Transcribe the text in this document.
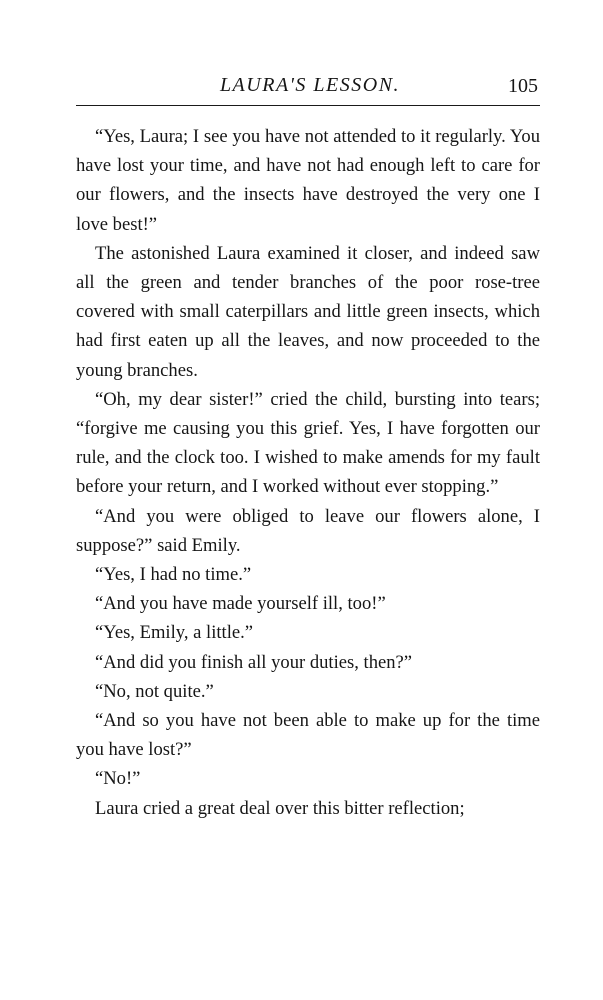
LAURA'S LESSON.	105

“Yes, Laura; I see you have not attended to it regularly. You have lost your time, and have not had enough left to care for our flowers, and the insects have destroyed the very one I love best!”

The astonished Laura examined it closer, and indeed saw all the green and tender branches of the poor rose-tree covered with small caterpillars and little green insects, which had first eaten up all the leaves, and now proceeded to the young branches.

“Oh, my dear sister!” cried the child, bursting into tears; “forgive me causing you this grief. Yes, I have forgotten our rule, and the clock too. I wished to make amends for my fault before your return, and I worked without ever stopping.”

“And you were obliged to leave our flowers alone, I suppose?” said Emily.

“Yes, I had no time.”

“And you have made yourself ill, too!”

“Yes, Emily, a little.”

“And did you finish all your duties, then?”

“No, not quite.”

“And so you have not been able to make up for the time you have lost?”

“No!”

Laura cried a great deal over this bitter reflection;
